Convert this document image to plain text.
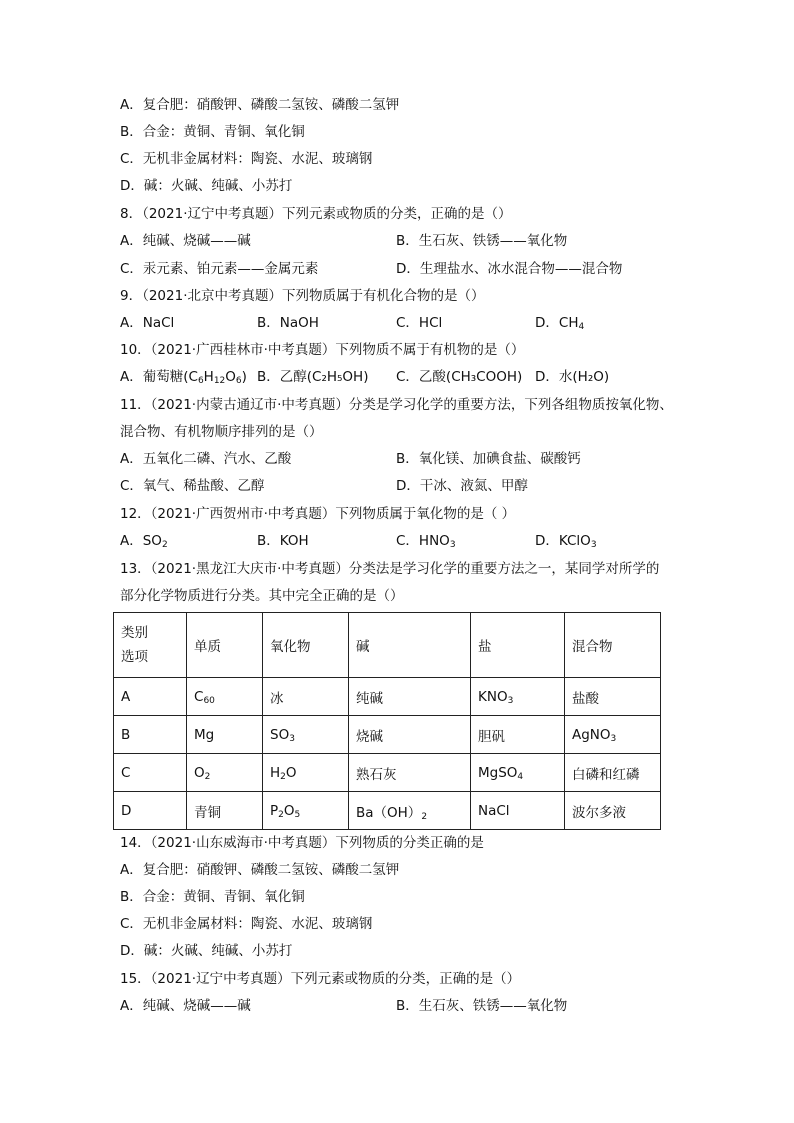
A．复合肥：硝酸钾、磷酸二氢铵、磷酸二氢钾
B．合金：黄铜、青铜、氧化铜
C．无机非金属材料：陶瓷、水泥、玻璃钢
D．碱：火碱、纯碱、小苏打
8．（2021·辽宁中考真题）下列元素或物质的分类，正确的是（）
A．纯碱、烧碱——碱	B．生石灰、铁锈——氧化物
C．汞元素、铂元素——金属元素	D．生理盐水、冰水混合物——混合物
9．（2021·北京中考真题）下列物质属于有机化合物的是（）
A．NaCl	B．NaOH	C．HCl	D．$CH_4$
10．（2021·广西桂林市·中考真题）下列物质不属于有机物的是（）
A．葡萄糖$(C_6H_{12}O_6)$ B．乙醇(C₂H₅OH) C．乙酸(CH₃COOH) D．水(H₂O)
11．（2021·内蒙古通辽市·中考真题）分类是学习化学的重要方法，下列各组物质按氧化物、
混合物、有机物顺序排列的是（）
A．五氧化二磷、汽水、乙酸	B．氧化镁、加碘食盐、碳酸钙
C．氧气、稀盐酸、乙醇	D．干冰、液氮、甲醇
12．（2021·广西贺州市·中考真题）下列物质属于氧化物的是（ ）
A．$SO_2$	B．KOH	C．$HNO_3$	D．KClO$_3$
13．（2021·黑龙江大庆市·中考真题）分类法是学习化学的重要方法之一，某同学对所学的
部分化学物质进行分类。其中完全正确的是（）
类别
选项	单质	氧化物	碱	盐	混合物
A	$C_{60}$	冰	纯碱	$KNO_3$	盐酸
B	Mg	$SO_3$	烧碱	胆矾	AgNO$_3$
C	$O_2$	$H_2O$	熟石灰	MgSO$_4$	白磷和红磷
D	青铜	$P_2O_5$	$Ba(OH)_2$	NaCl	波尔多液
14．（2021·山东威海市·中考真题）下列物质的分类正确的是
A．复合肥：硝酸钾、磷酸二氢铵、磷酸二氢钾
B．合金：黄铜、青铜、氧化铜
C．无机非金属材料：陶瓷、水泥、玻璃钢
D．碱：火碱、纯碱、小苏打
15．（2021·辽宁中考真题）下列元素或物质的分类，正确的是（）
A．纯碱、烧碱——碱	B．生石灰、铁锈——氧化物
